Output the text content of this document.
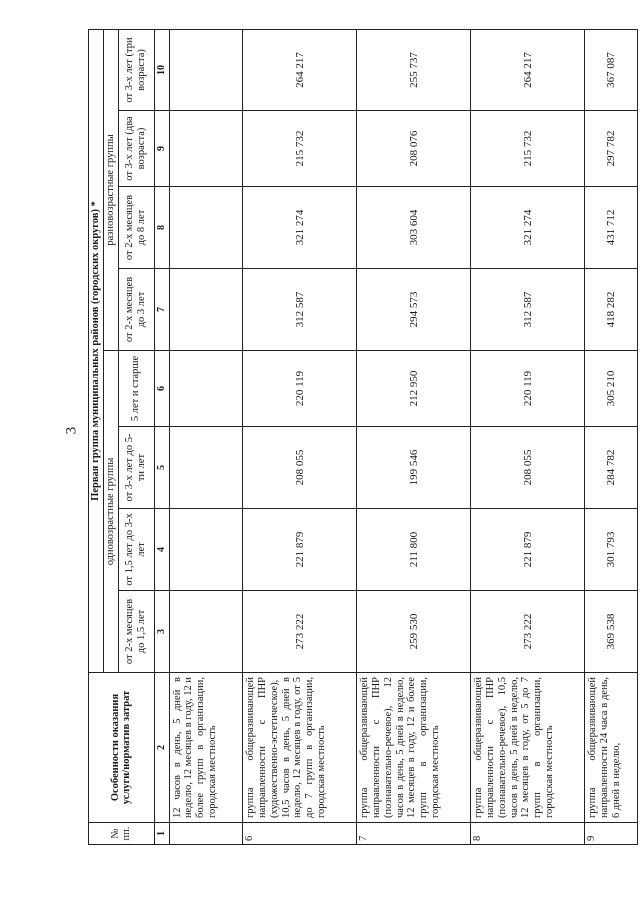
3
№ пп.	Особенности оказания услуги/норматив затрат	Первая группа муниципальных районов (городских округов) *							
		одновозрастные группы				разновозрастные группы			
		от 2-х месяцев до 1,5 лет	от 1,5 лет до 3-х лет	от 3-х лет до 5-ти лет	5 лет и старше	от 2-х месяцев до 3 лет	от 2-х месяцев до 8 лет	от 3-х лет (два возраста)	от 3-х лет (три возраста)
1	2	3	4	5	6	7	8	9	10
	12 часов в день, 5 дней в неделю, 12 месяцев в году, 12 и более групп в организации, городская местность								
6	группа общеразвивающей направленности с ПНР (художественно-эстетическое), 10,5 часов в день, 5 дней в неделю, 12 месяцев в году, от 5 до 7 групп в организации, городская местность	273 222	221 879	208 055	220 119	312 587	321 274	215 732	264 217
7	группа общеразвивающей направленности с ПНР (познавательно-речевое), 12 часов в день, 5 дней в неделю, 12 месяцев в году, 12 и более групп в организации, городская местность	259 530	211 800	199 546	212 950	294 573	303 604	208 076	255 737
8	группа общеразвивающей направленности с ПНР (познавательно-речевое), 10,5 часов в день, 5 дней в неделю, 12 месяцев в году, от 5 до 7 групп в организации, городская местность	273 222	221 879	208 055	220 119	312 587	321 274	215 732	264 217
9	группа общеразвивающей направленности 24 часа в день, 6 дней в неделю,	369 538	301 793	284 782	305 210	418 282	431 712	297 782	367 087
